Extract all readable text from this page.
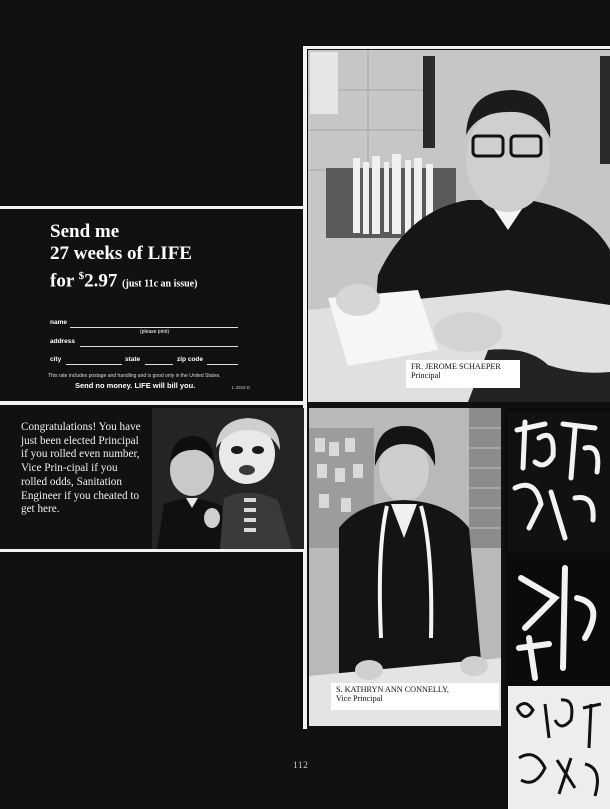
FR. JEROME SCHAEPER
Principal
Send me
27 weeks of LIFE
for $2.97 (just 11c an issue)
name
(please print)
address
city	state	zip code
This rate includes postage and handling and is good only in the United States.
Send no money. LIFE will bill you.	L 3318 D
Congratulations! You have just been elected Principal if you rolled even number, Vice Prin-cipal if you rolled odds, Sanitation Engineer if you cheated to get here.
S. KATHRYN ANN CONNELLY,
Vice Principal
112
